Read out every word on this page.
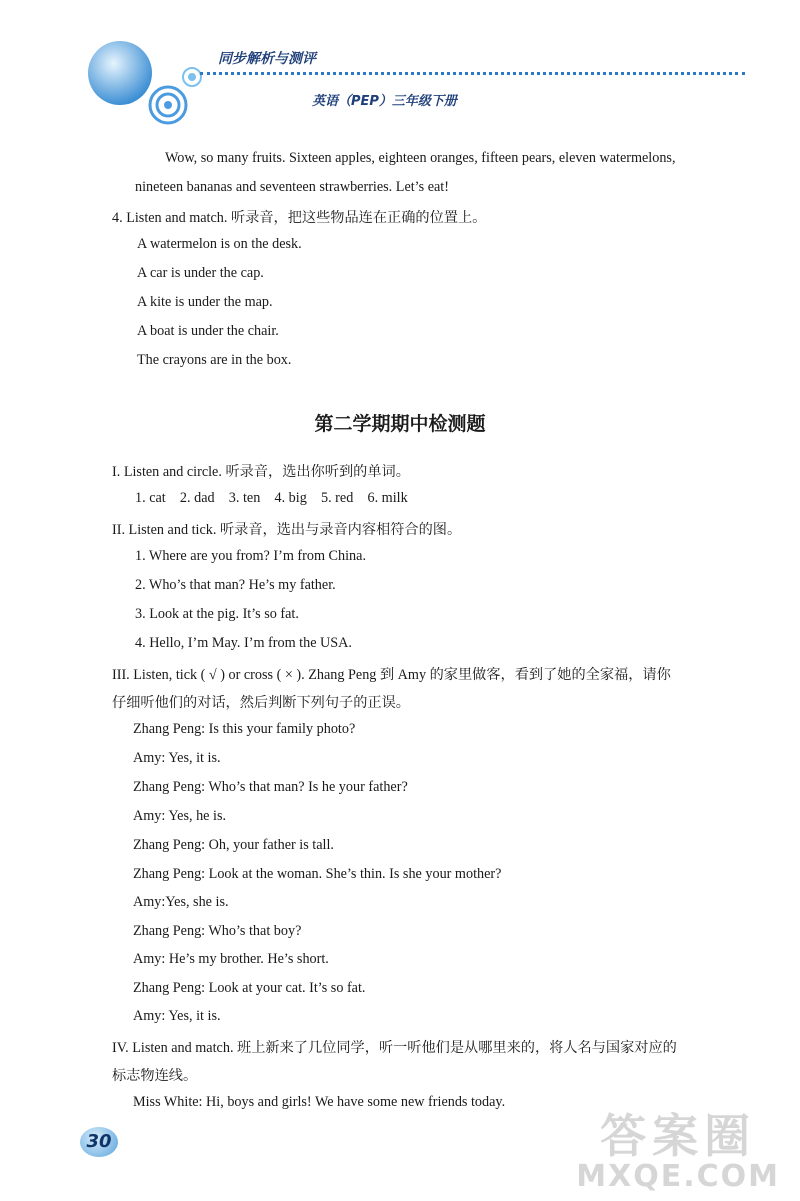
同步解析与测评
英语（PEP）三年级下册
Wow, so many fruits. Sixteen apples, eighteen oranges, fifteen pears, eleven watermelons,
nineteen bananas and seventeen strawberries. Let’s eat!
4. Listen and match. 听录音，把这些物品连在正确的位置上。
A watermelon is on the desk.
A car is under the cap.
A kite is under the map.
A boat is under the chair.
The crayons are in the box.
第二学期期中检测题
I. Listen and circle. 听录音，选出你听到的单词。
1. cat    2. dad    3. ten    4. big    5. red    6. milk
II. Listen and tick. 听录音，选出与录音内容相符合的图。
1. Where are you from? I’m from China.
2. Who’s that man? He’s my father.
3. Look at the pig. It’s so fat.
4. Hello, I’m May. I’m from the USA.
III. Listen, tick ( √ ) or cross ( × ). Zhang Peng 到 Amy 的家里做客，看到了她的全家福，请你
仔细听他们的对话，然后判断下列句子的正误。
Zhang Peng: Is this your family photo?
Amy: Yes, it is.
Zhang Peng: Who’s that man? Is he your father?
Amy: Yes, he is.
Zhang Peng: Oh, your father is tall.
Zhang Peng: Look at the woman. She’s thin. Is she your mother?
Amy:Yes, she is.
Zhang Peng: Who’s that boy?
Amy: He’s my brother. He’s short.
Zhang Peng: Look at your cat. It’s so fat.
Amy: Yes, it is.
IV. Listen and match. 班上新来了几位同学，听一听他们是从哪里来的，将人名与国家对应的
标志物连线。
Miss White: Hi, boys and girls! We have some new friends today.
30	答案圈
MXQE.COM
